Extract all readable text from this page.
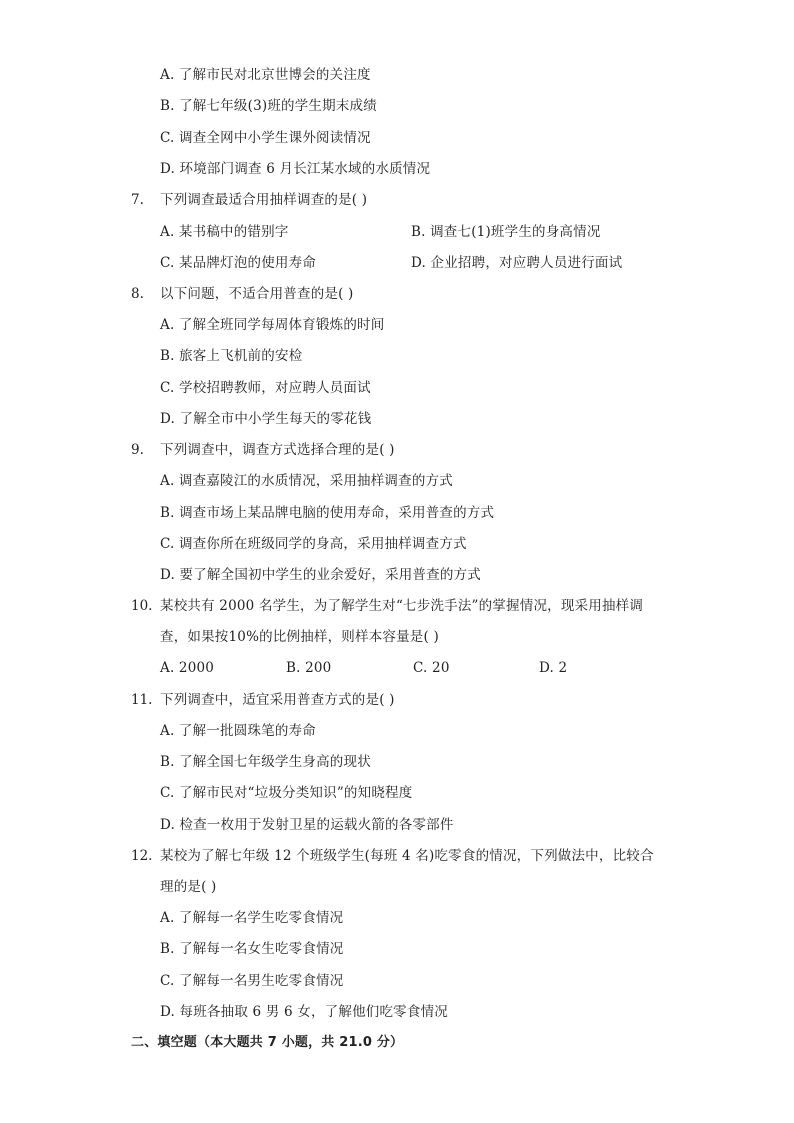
A. 了解市民对北京世博会的关注度
B. 了解七年级(3)班的学生期末成绩
C. 调查全网中小学生课外阅读情况
D. 环境部门调查 6 月长江某水域的水质情况
7. 下列调查最适合用抽样调查的是( )
A. 某书稿中的错别字	B. 调查七(1)班学生的身高情况
C. 某品牌灯泡的使用寿命	D. 企业招聘，对应聘人员进行面试
8. 以下问题，不适合用普查的是( )
A. 了解全班同学每周体育锻炼的时间
B. 旅客上飞机前的安检
C. 学校招聘教师，对应聘人员面试
D. 了解全市中小学生每天的零花钱
9. 下列调查中，调查方式选择合理的是( )
A. 调查嘉陵江的水质情况，采用抽样调查的方式
B. 调查市场上某品牌电脑的使用寿命，采用普查的方式
C. 调查你所在班级同学的身高，采用抽样调查方式
D. 要了解全国初中学生的业余爱好，采用普查的方式
10. 某校共有 2000 名学生，为了解学生对“七步洗手法”的掌握情况，现采用抽样调
查，如果按10%的比例抽样，则样本容量是( )
A. 2000	B. 200	C. 20	D. 2
11. 下列调查中，适宜采用普查方式的是( )
A. 了解一批圆珠笔的寿命
B. 了解全国七年级学生身高的现状
C. 了解市民对“垃圾分类知识”的知晓程度
D. 检查一枚用于发射卫星的运载火箭的各零部件
12. 某校为了解七年级 12 个班级学生(每班 4 名)吃零食的情况，下列做法中，比较合
理的是( )
A. 了解每一名学生吃零食情况
B. 了解每一名女生吃零食情况
C. 了解每一名男生吃零食情况
D. 每班各抽取 6 男 6 女，了解他们吃零食情况
二、填空题（本大题共 7 小题，共 21.0 分）
